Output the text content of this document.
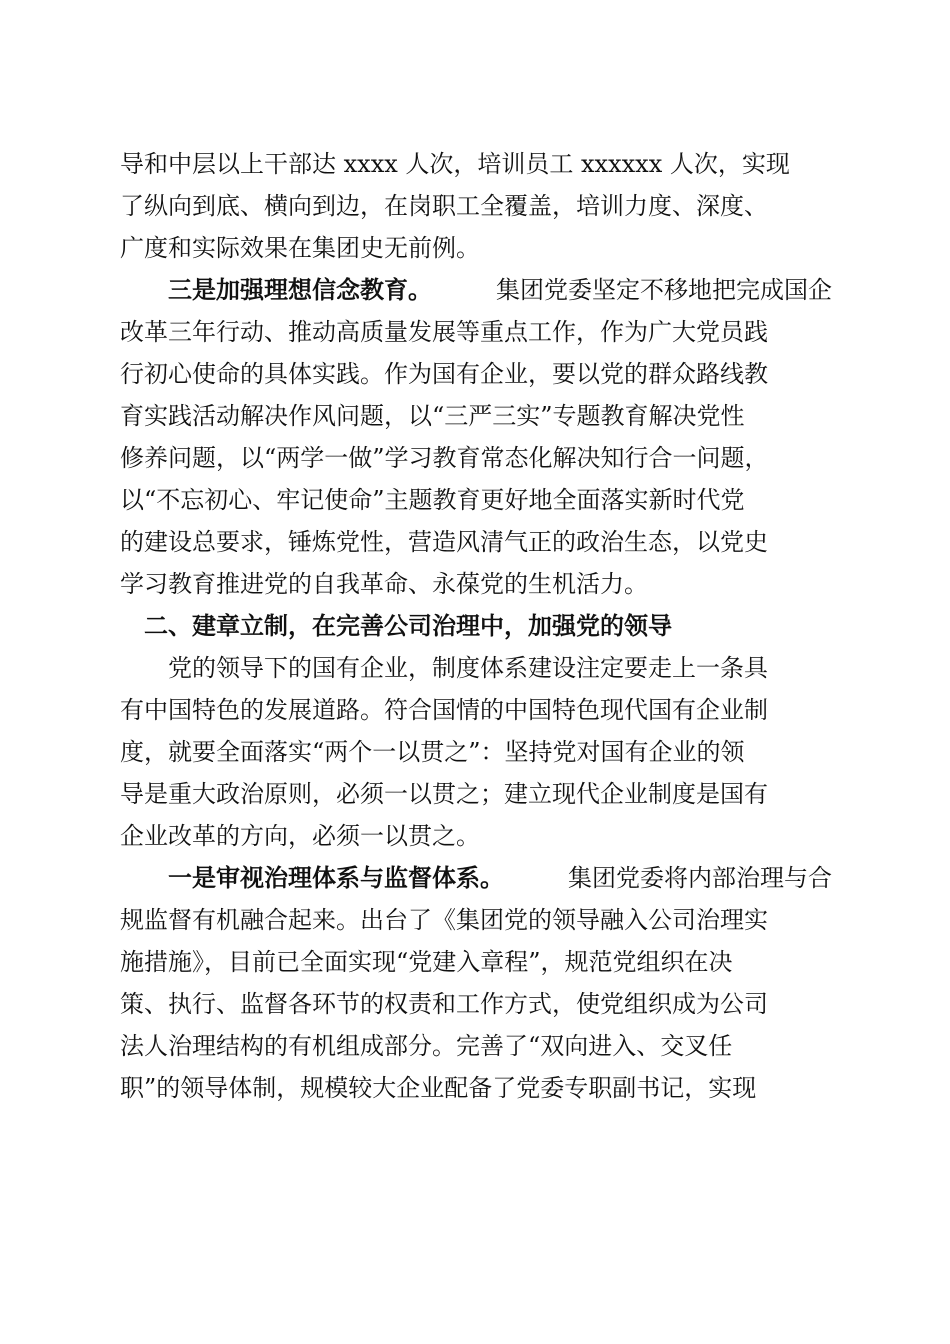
导和中层以上干部达 xxxx 人次，培训员工 xxxxxx 人次，实现
了纵向到底、横向到边，在岗职工全覆盖，培训力度、深度、
广度和实际效果在集团史无前例。
三是加强理想信念教育。	集团党委坚定不移地把完成国企
改革三年行动、推动高质量发展等重点工作，作为广大党员践
行初心使命的具体实践。作为国有企业，要以党的群众路线教
育实践活动解决作风问题，以“三严三实”专题教育解决党性
修养问题，以“两学一做”学习教育常态化解决知行合一问题，
以“不忘初心、牢记使命”主题教育更好地全面落实新时代党
的建设总要求，锤炼党性，营造风清气正的政治生态，以党史
学习教育推进党的自我革命、永葆党的生机活力。
二、建章立制，在完善公司治理中，加强党的领导
党的领导下的国有企业，制度体系建设注定要走上一条具
有中国特色的发展道路。符合国情的中国特色现代国有企业制
度，就要全面落实“两个一以贯之”：坚持党对国有企业的领
导是重大政治原则，必须一以贯之；建立现代企业制度是国有
企业改革的方向，必须一以贯之。
一是审视治理体系与监督体系。	集团党委将内部治理与合
规监督有机融合起来。出台了《集团党的领导融入公司治理实
施措施》，目前已全面实现“党建入章程”，规范党组织在决
策、执行、监督各环节的权责和工作方式，使党组织成为公司
法人治理结构的有机组成部分。完善了“双向进入、交叉任
职”的领导体制，规模较大企业配备了党委专职副书记，实现
